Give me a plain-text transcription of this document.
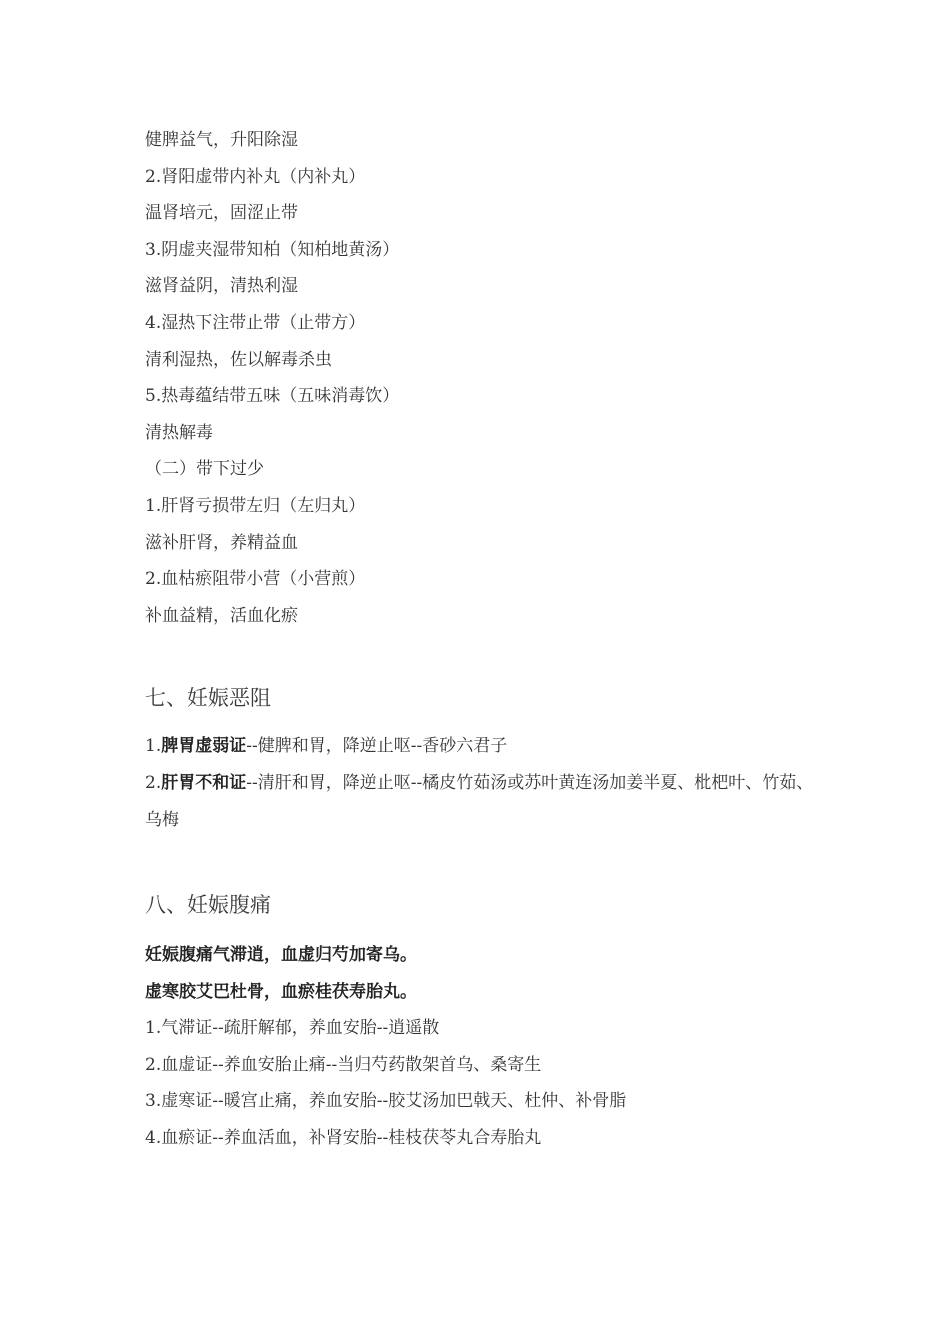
健脾益气，升阳除湿
2.肾阳虚带内补丸（内补丸）
温肾培元，固涩止带
3.阴虚夹湿带知柏（知柏地黄汤）
滋肾益阴，清热利湿
4.湿热下注带止带（止带方）
清利湿热，佐以解毒杀虫
5.热毒蕴结带五味（五味消毒饮）
清热解毒
（二）带下过少
1.肝肾亏损带左归（左归丸）
滋补肝肾，养精益血
2.血枯瘀阻带小营（小营煎）
补血益精，活血化瘀
七、妊娠恶阻
1.脾胃虚弱证--健脾和胃，降逆止呕--香砂六君子
2.肝胃不和证--清肝和胃，降逆止呕--橘皮竹茹汤或苏叶黄连汤加姜半夏、枇杷叶、竹茹、乌梅
八、妊娠腹痛
妊娠腹痛气滞逍，血虚归芍加寄乌。
虚寒胶艾巴杜骨，血瘀桂茯寿胎丸。
1.气滞证--疏肝解郁，养血安胎--逍遥散
2.血虚证--养血安胎止痛--当归芍药散架首乌、桑寄生
3.虚寒证--暖宫止痛，养血安胎--胶艾汤加巴戟天、杜仲、补骨脂
4.血瘀证--养血活血，补肾安胎--桂枝茯苓丸合寿胎丸
